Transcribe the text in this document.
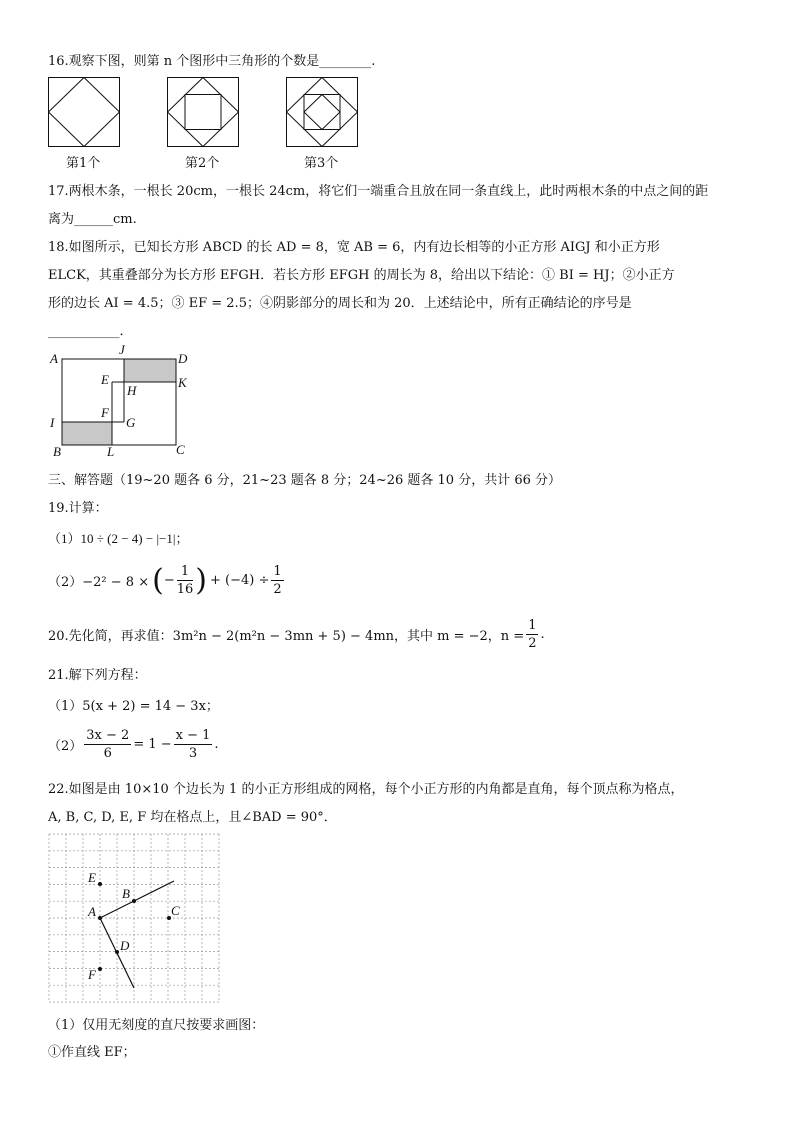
16.观察下图，则第 n 个图形中三角形的个数是________.
第1个	第2个	第3个
17.两根木条，一根长 20cm，一根长 24cm，将它们一端重合且放在同一条直线上，此时两根木条的中点之间的距
离为______cm.
18.如图所示，已知长方形 ABCD 的长 AD = 8，宽 AB = 6，内有边长相等的小正方形 AIGJ 和小正方形
ELCK，其重叠部分为长方形 EFGH．若长方形 EFGH 的周长为 8，给出以下结论：① BI = HJ；②小正方
形的边长 AI = 4.5；③ EF = 2.5；④阴影部分的周长和为 20．上述结论中，所有正确结论的序号是
___________．
A
J
D
E	K
H
F
G
I
B	L	C
三、解答题（19~20 题各 6 分，21~23 题各 8 分；24~26 题各 10 分，共计 66 分）
19.计算：
（1）10 ÷ (2 − 4) − |−1|；
（2）−2² − 8 × ( − $\frac{1}{16}$ ) + $(-4) \div \frac{1}{2}$
20.先化简，再求值：3m²n − 2(m²n − 3mn + 5) − 4mn，其中 m = −2，$n = \frac{1}{2}$ .
21.解下列方程：
（1）5(x + 2) = 14 − 3x；
$(2) \frac{3x - 2}{6} = 1 - \frac{x - 1}{3}$ .
22.如图是由 10×10 个边长为 1 的小正方形组成的网格，每个小正方形的内角都是直角，每个顶点称为格点，
A, B, C, D, E, F 均在格点上，且∠BAD = 90°．
E
B
A	C
D
F
（1）仅用无刻度的直尺按要求画图：
①作直线 EF；
